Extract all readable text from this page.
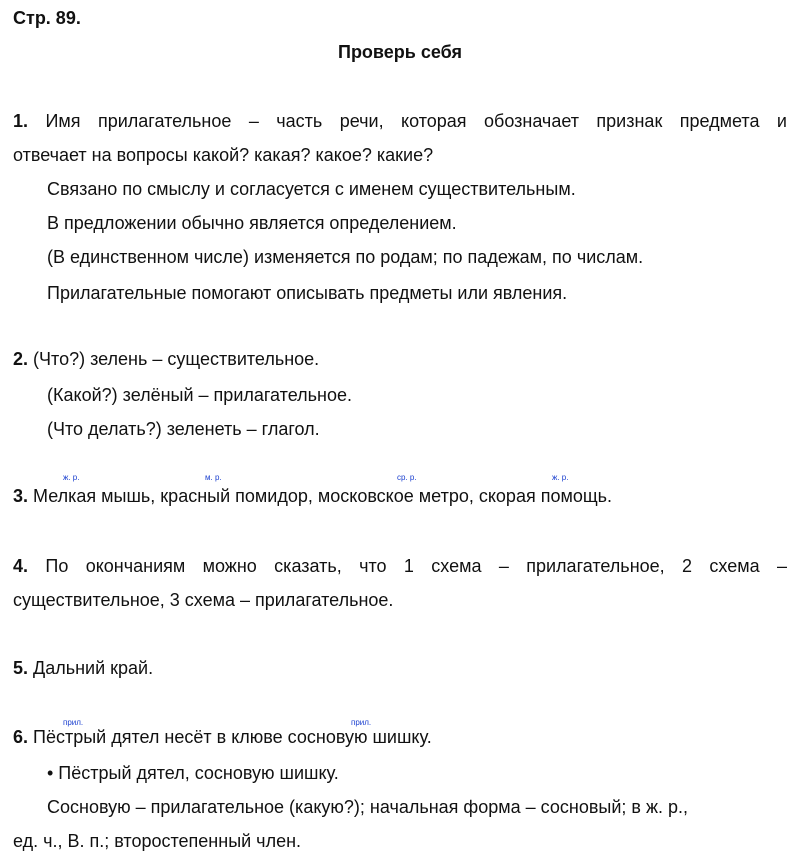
Стр. 89.
Проверь себя
1. Имя прилагательное – часть речи, которая обозначает признак предмета и
отвечает на вопросы какой? какая? какое? какие?
Связано по смыслу и согласуется с именем существительным.
В предложении обычно является определением.
(В единственном числе) изменяется по родам; по падежам, по числам.
Прилагательные помогают описывать предметы или явления.
2. (Что?) зелень – существительное.
(Какой?) зелёный – прилагательное.
(Что делать?) зеленеть – глагол.
ж. р.	м. р.	ср. р.	ж. р.
3. Мелкая мышь, красный помидор, московское метро, скорая помощь.
4. По окончаниям можно сказать, что 1 схема – прилагательное, 2 схема –
существительное, 3 схема – прилагательное.
5. Дальний край.
прил.	прил.
6. Пёстрый дятел несёт в клюве сосновую шишку.
• Пёстрый дятел, сосновую шишку.
Сосновую – прилагательное (какую?); начальная форма – сосновый; в ж. р.,
ед. ч., В. п.; второстепенный член.
